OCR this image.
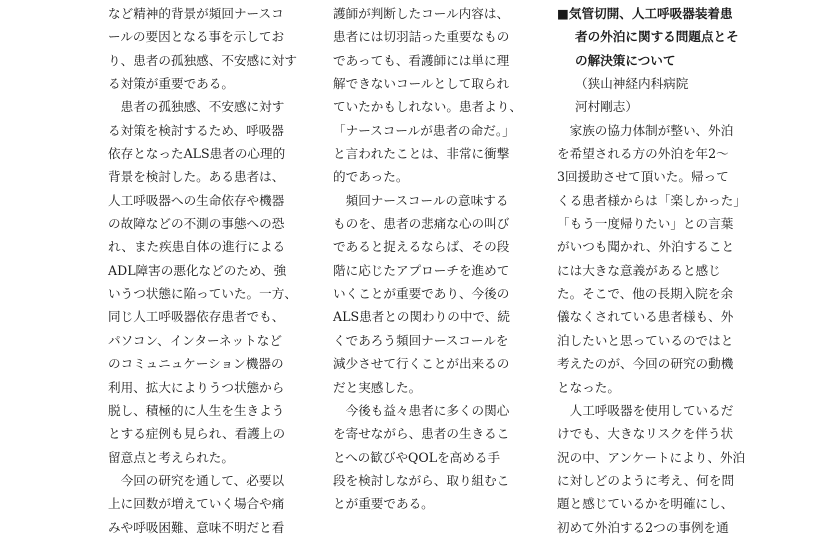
など精神的背景が頻回ナースコ
ールの要因となる事を示してお
り、患者の孤独感、不安感に対す
る対策が重要である。
　患者の孤独感、不安感に対す
る対策を検討するため、呼吸器
依存となったALS患者の心理的
背景を検討した。ある患者は、
人工呼吸器への生命依存や機器
の故障などの不測の事態への恐
れ、また疾患自体の進行による
ADL障害の悪化などのため、強
いうつ状態に陥っていた。一方、
同じ人工呼吸器依存患者でも、
パソコン、インターネットなど
のコミュニュケーション機器の
利用、拡大によりうつ状態から
脱し、積極的に人生を生きよう
とする症例も見られ、看護上の
留意点と考えられた。
　今回の研究を通して、必要以
上に回数が増えていく場合や痛
みや呼吸困難、意味不明だと看
護師が判断したコール内容は、
患者には切羽詰った重要なもの
であっても、看護師には単に理
解できないコールとして取られ
ていたかもしれない。患者より、
「ナースコールが患者の命だ。」
と言われたことは、非常に衝撃
的であった。
　頻回ナースコールの意味する
ものを、患者の悲痛な心の叫び
であると捉えるならば、その段
階に応じたアプローチを進めて
いくことが重要であり、今後の
ALS患者との関わりの中で、続
くであろう頻回ナースコールを
減少させて行くことが出来るの
だと実感した。
　今後も益々患者に多くの関心
を寄せながら、患者の生きるこ
とへの歓びやQOLを高める手
段を検討しながら、取り組むこ
とが重要である。
■気管切開、人工呼吸器装着患
者の外泊に関する問題点とそ
の解決策について
（狭山神経内科病院
河村剛志）
　家族の協力体制が整い、外泊
を希望される方の外泊を年2～
3回援助させて頂いた。帰って
くる患者様からは「楽しかった」
「もう一度帰りたい」との言葉
がいつも聞かれ、外泊すること
には大きな意義があると感じ
た。そこで、他の長期入院を余
儀なくされている患者様も、外
泊したいと思っているのではと
考えたのが、今回の研究の動機
となった。
　人工呼吸器を使用しているだ
けでも、大きなリスクを伴う状
況の中、アンケートにより、外泊
に対しどのように考え、何を問
題と感じているかを明確にし、
初めて外泊する2つの事例を通
